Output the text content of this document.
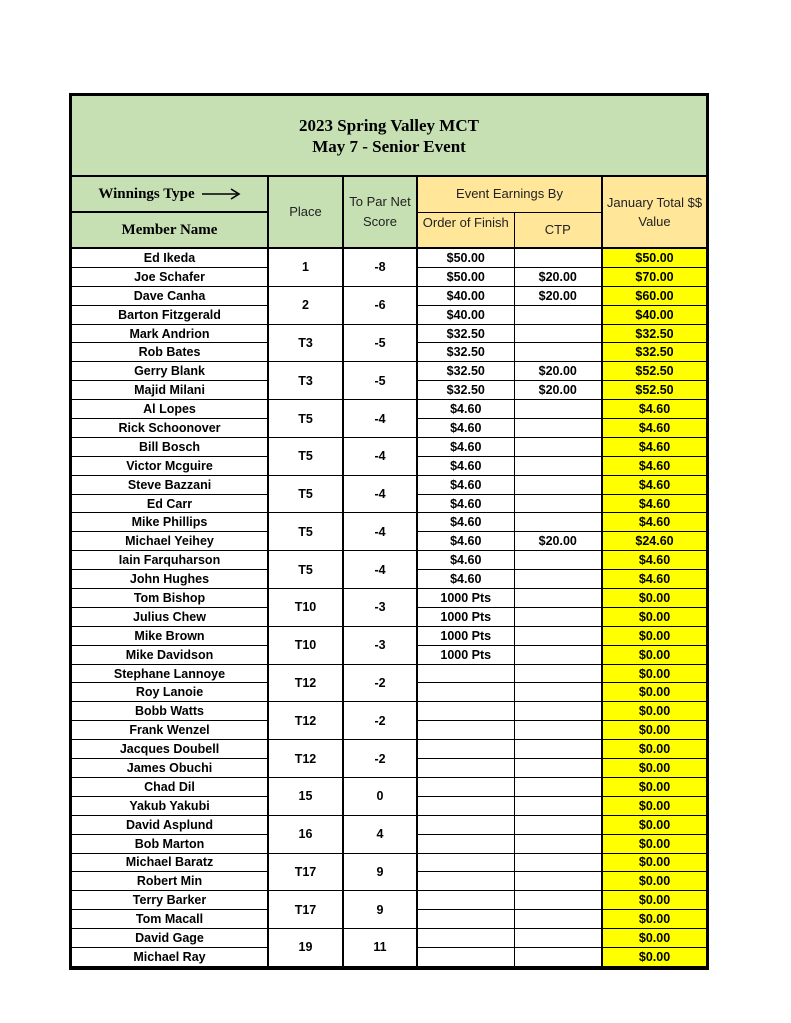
2023 Spring Valley MCT
May 7 - Senior Event
Winnings Type	Place	To Par Net Score	Event Earnings By		January Total $$ Value
Member Name			Order of Finish	CTP	
Ed Ikeda	1	-8	$50.00		$50.00
Joe Schafer			$50.00	$20.00	$70.00
Dave Canha	2	-6	$40.00	$20.00	$60.00
Barton Fitzgerald			$40.00		$40.00
Mark Andrion	T3	-5	$32.50		$32.50
Rob Bates			$32.50		$32.50
Gerry Blank	T3	-5	$32.50	$20.00	$52.50
Majid Milani			$32.50	$20.00	$52.50
Al Lopes	T5	-4	$4.60		$4.60
Rick Schoonover			$4.60		$4.60
Bill Bosch	T5	-4	$4.60		$4.60
Victor Mcguire			$4.60		$4.60
Steve Bazzani	T5	-4	$4.60		$4.60
Ed Carr			$4.60		$4.60
Mike Phillips	T5	-4	$4.60		$4.60
Michael Yeihey			$4.60	$20.00	$24.60
Iain Farquharson	T5	-4	$4.60		$4.60
John Hughes			$4.60		$4.60
Tom Bishop	T10	-3	1000 Pts		$0.00
Julius Chew			1000 Pts		$0.00
Mike Brown	T10	-3	1000 Pts		$0.00
Mike Davidson			1000 Pts		$0.00
Stephane Lannoye	T12	-2			$0.00
Roy Lanoie					$0.00
Bobb Watts	T12	-2			$0.00
Frank Wenzel					$0.00
Jacques Doubell	T12	-2			$0.00
James Obuchi					$0.00
Chad Dil	15	0			$0.00
Yakub Yakubi					$0.00
David Asplund	16	4			$0.00
Bob Marton					$0.00
Michael Baratz	T17	9			$0.00
Robert Min					$0.00
Terry Barker	T17	9			$0.00
Tom Macall					$0.00
David Gage	19	11			$0.00
Michael Ray					$0.00
